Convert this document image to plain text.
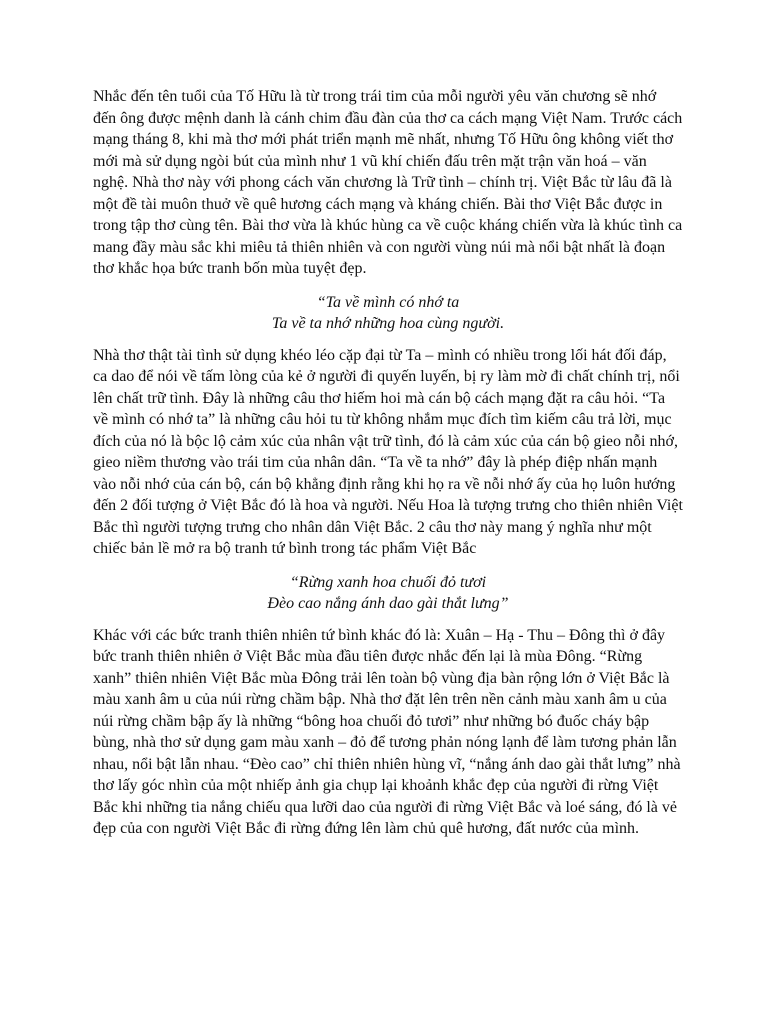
Nhắc đến tên tuổi của Tố Hữu là từ trong trái tim của mỗi người yêu văn chương sẽ nhớ đến ông được mệnh danh là cánh chim đầu đàn của thơ ca cách mạng Việt Nam. Trước cách mạng tháng 8, khi mà thơ mới phát triển mạnh mẽ nhất, nhưng Tố Hữu ông không viết thơ mới mà sử dụng ngòi bút của mình như 1 vũ khí chiến đấu trên mặt trận văn hoá – văn nghệ. Nhà thơ này với phong cách văn chương là Trữ tình – chính trị. Việt Bắc từ lâu đã là một đề tài muôn thuở về quê hương cách mạng và kháng chiến. Bài thơ Việt Bắc được in trong tập thơ cùng tên. Bài thơ vừa là khúc hùng ca về cuộc kháng chiến vừa là khúc tình ca mang đầy màu sắc khi miêu tả thiên nhiên và con người vùng núi mà nổi bật nhất là đoạn thơ khắc họa bức tranh bốn mùa tuyệt đẹp.

“Ta về mình có nhớ ta
Ta về ta nhớ những hoa cùng người.

Nhà thơ thật tài tình sử dụng khéo léo cặp đại từ Ta – mình có nhiều trong lối hát đối đáp, ca dao để nói về tấm lòng của kẻ ở người đi quyến luyến, bị ry làm mờ đi chất chính trị, nổi lên chất trữ tình. Đây là những câu thơ hiếm hoi mà cán bộ cách mạng đặt ra câu hỏi. “Ta về mình có nhớ ta” là những câu hỏi tu từ không nhắm mục đích tìm kiếm câu trả lời, mục đích của nó là bộc lộ cảm xúc của nhân vật trữ tình, đó là cảm xúc của cán bộ gieo nỗi nhớ, gieo niềm thương vào trái tim của nhân dân. “Ta về ta nhớ” đây là phép điệp nhấn mạnh vào nỗi nhớ của cán bộ, cán bộ khẳng định rằng khi họ ra về nỗi nhớ ấy của họ luôn hướng đến 2 đối tượng ở Việt Bắc đó là hoa và người. Nếu Hoa là tượng trưng cho thiên nhiên Việt Bắc thì người tượng trưng cho nhân dân Việt Bắc. 2 câu thơ này mang ý nghĩa như một chiếc bản lề mở ra bộ tranh tứ bình trong tác phẩm Việt Bắc

“Rừng xanh hoa chuối đỏ tươi
Đèo cao nắng ánh dao gài thắt lưng”

Khác với các bức tranh thiên nhiên tứ bình khác đó là: Xuân – Hạ - Thu – Đông thì ở đây bức tranh thiên nhiên ở Việt Bắc mùa đầu tiên được nhắc đến lại là mùa Đông. “Rừng xanh” thiên nhiên Việt Bắc mùa Đông trải lên toàn bộ vùng địa bàn rộng lớn ở Việt Bắc là màu xanh âm u của núi rừng chầm bập. Nhà thơ đặt lên trên nền cảnh màu xanh âm u của núi rừng chầm bập ấy là những “bông hoa chuối đỏ tươi” như những bó đuốc cháy bập bùng, nhà thơ sử dụng gam màu xanh – đỏ để tương phản nóng lạnh để làm tương phản lẫn nhau, nổi bật lẫn nhau. “Đèo cao” chỉ thiên nhiên hùng vĩ, “nắng ánh dao gài thắt lưng” nhà thơ lấy góc nhìn của một nhiếp ảnh gia chụp lại khoảnh khắc đẹp của người đi rừng Việt Bắc khi những tia nắng chiếu qua lưỡi dao của người đi rừng Việt Bắc và loé sáng, đó là vẻ đẹp của con người Việt Bắc đi rừng đứng lên làm chủ quê hương, đất nước của mình.
